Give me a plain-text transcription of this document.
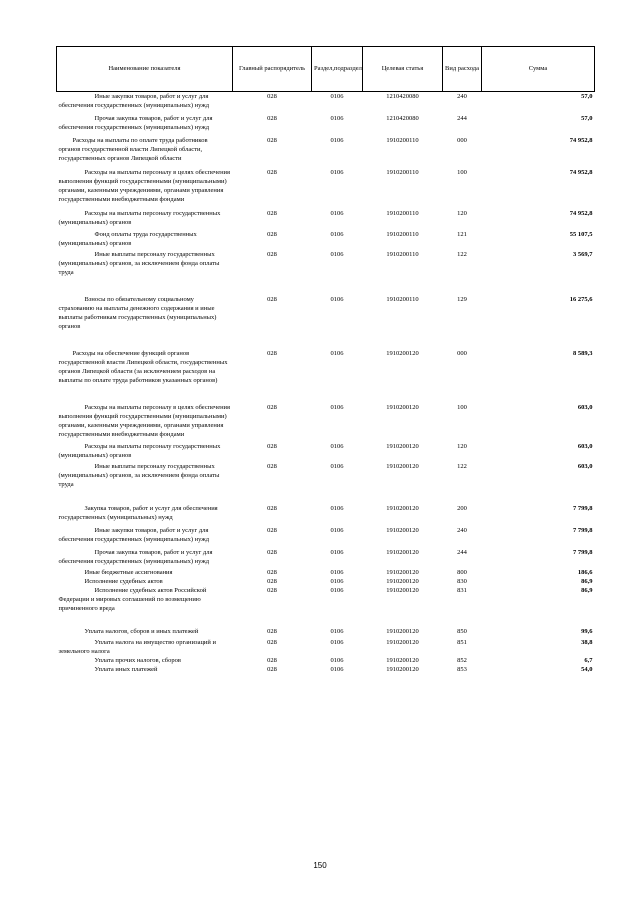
Наименование показателя	Главный распорядитель	Раздел,подраздел	Целевая статья	Вид расхода	Сумма
Иные закупки товаров, работ и услуг для обеспечения государственных (муниципальных) нужд	028	0106	1210420080	240	57,0
Прочая закупка товаров, работ и услуг для обеспечения государственных (муниципальных) нужд	028	0106	1210420080	244	57,0
Расходы на выплаты по оплате труда работников органов государственной власти Липецкой области, государственных органов Липецкой области	028	0106	1910200110	000	74 952,8
Расходы на выплаты персоналу в целях обеспечения выполнения функций государственными (муниципальными) органами, казенными учреждениями, органами управления государственными внебюджетными фондами	028	0106	1910200110	100	74 952,8
Расходы на выплаты персоналу государственных (муниципальных) органов	028	0106	1910200110	120	74 952,8
Фонд оплаты труда государственных (муниципальных) органов	028	0106	1910200110	121	55 107,5
Иные выплаты персоналу государственных (муниципальных) органов, за исключением фонда оплаты труда	028	0106	1910200110	122	3 569,7
Взносы по обязательному социальному страхованию на выплаты денежного содержания и иные выплаты работникам государственных (муниципальных) органов	028	0106	1910200110	129	16 275,6
Расходы на обеспечение функций органов государственной власти Липецкой области, государственных органов Липецкой области (за исключением расходов на выплаты по оплате труда работников указанных органов)	028	0106	1910200120	000	8 589,3
Расходы на выплаты персоналу в целях обеспечения выполнения функций государственными (муниципальными) органами, казенными учреждениями, органами управления государственными внебюджетными фондами	028	0106	1910200120	100	603,0
Расходы на выплаты персоналу государственных (муниципальных) органов	028	0106	1910200120	120	603,0
Иные выплаты персоналу государственных (муниципальных) органов, за исключением фонда оплаты труда	028	0106	1910200120	122	603,0
Закупка товаров, работ и услуг для обеспечения государственных (муниципальных) нужд	028	0106	1910200120	200	7 799,8
Иные закупки товаров, работ и услуг для обеспечения государственных (муниципальных) нужд	028	0106	1910200120	240	7 799,8
Прочая закупка товаров, работ и услуг для обеспечения государственных (муниципальных) нужд	028	0106	1910200120	244	7 799,8
Иные бюджетные ассигнования	028	0106	1910200120	800	186,6
Исполнение судебных актов	028	0106	1910200120	830	86,9
Исполнение судебных актов Российской Федерации и мировых соглашений по возмещению причиненного вреда	028	0106	1910200120	831	86,9
Уплата налогов, сборов и иных платежей	028	0106	1910200120	850	99,6
Уплата налога на имущество организаций и земельного налога	028	0106	1910200120	851	38,8
Уплата прочих налогов, сборов	028	0106	1910200120	852	6,7
Уплата иных платежей	028	0106	1910200120	853	54,0
150
